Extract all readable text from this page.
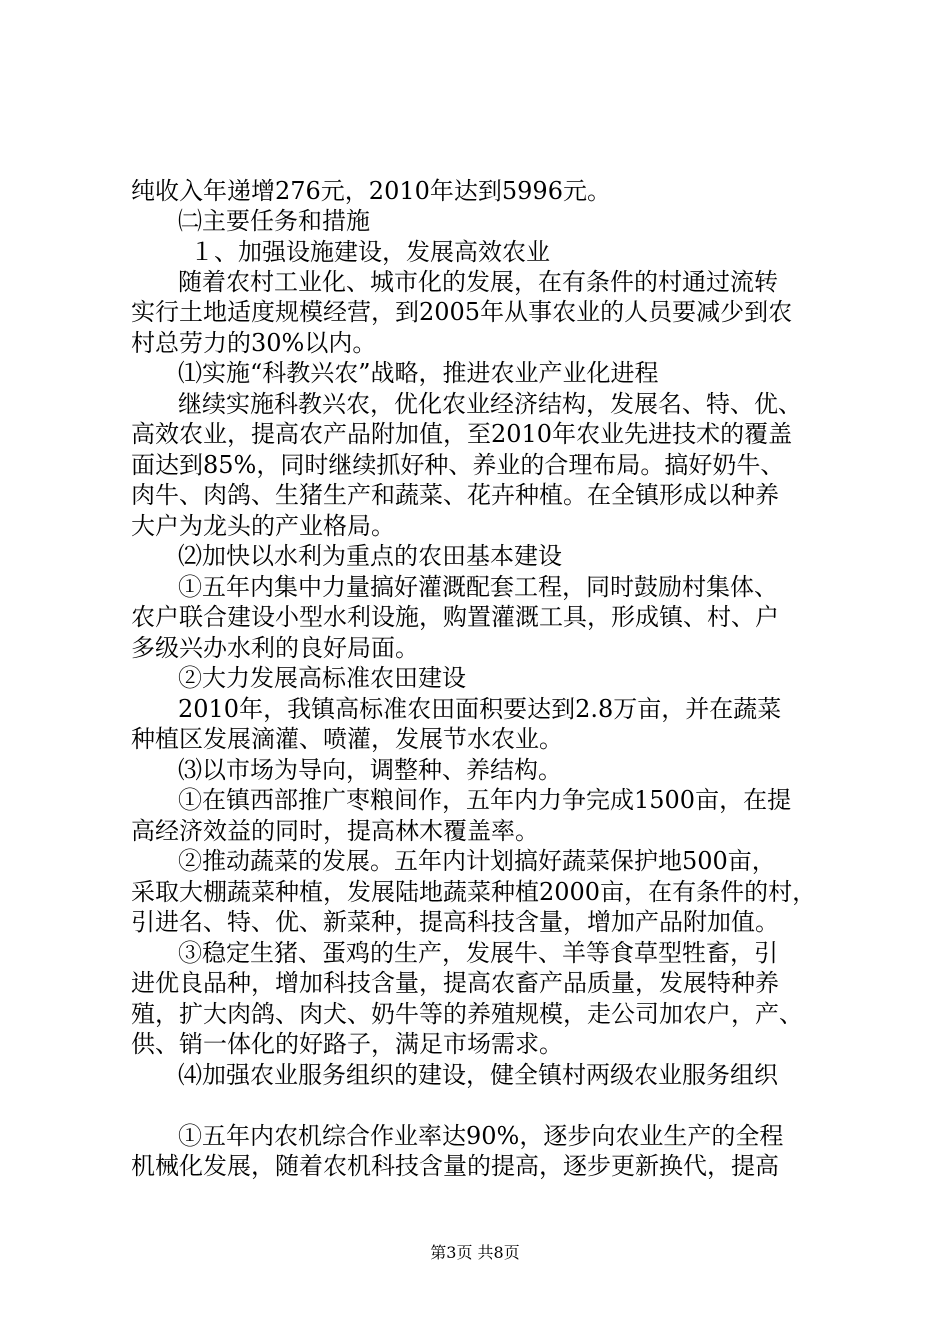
纯收入年递增276元，2010年达到5996元。
㈡主要任务和措施
１、加强设施建设，发展高效农业
随着农村工业化、城市化的发展，在有条件的村通过流转
实行土地适度规模经营，到2005年从事农业的人员要减少到农
村总劳力的30%以内。
⑴实施“科教兴农”战略，推进农业产业化进程
继续实施科教兴农，优化农业经济结构，发展名、特、优、
高效农业，提高农产品附加值，至2010年农业先进技术的覆盖
面达到85%，同时继续抓好种、养业的合理布局。搞好奶牛、
肉牛、肉鸽、生猪生产和蔬菜、花卉种植。在全镇形成以种养
大户为龙头的产业格局。
⑵加快以水利为重点的农田基本建设
①五年内集中力量搞好灌溉配套工程，同时鼓励村集体、
农户联合建设小型水利设施，购置灌溉工具，形成镇、村、户
多级兴办水利的良好局面。
②大力发展高标准农田建设
2010年，我镇高标准农田面积要达到2.8万亩，并在蔬菜
种植区发展滴灌、喷灌，发展节水农业。
⑶以市场为导向，调整种、养结构。
①在镇西部推广枣粮间作，五年内力争完成1500亩，在提
高经济效益的同时，提高林木覆盖率。
②推动蔬菜的发展。五年内计划搞好蔬菜保护地500亩，
采取大棚蔬菜种植，发展陆地蔬菜种植2000亩，在有条件的村，
引进名、特、优、新菜种，提高科技含量，增加产品附加值。
③稳定生猪、蛋鸡的生产，发展牛、羊等食草型牲畜，引
进优良品种，增加科技含量，提高农畜产品质量，发展特种养
殖，扩大肉鸽、肉犬、奶牛等的养殖规模，走公司加农户，产、
供、销一体化的好路子，满足市场需求。
⑷加强农业服务组织的建设，健全镇村两级农业服务组织
①五年内农机综合作业率达90%，逐步向农业生产的全程
机械化发展，随着农机科技含量的提高，逐步更新换代，提高
第3页 共8页
